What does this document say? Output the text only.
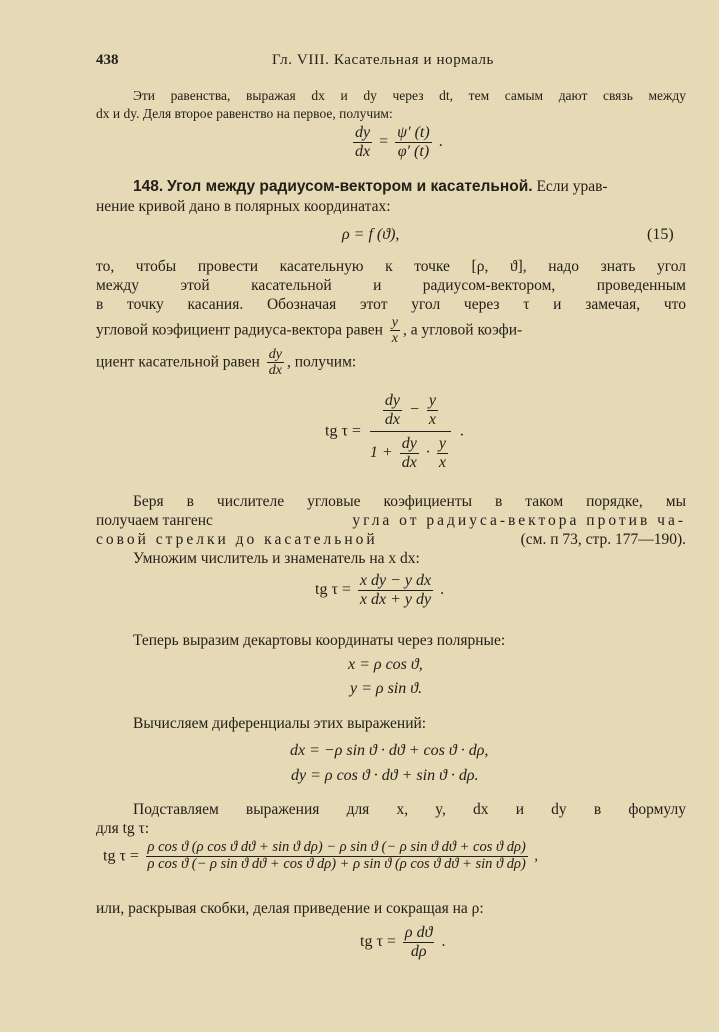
438	Гл. VIII. Касательная и нормаль
Эти равенства, выражая dx и dy через dt, тем самым дают связь между
dx и dy. Деля второе равенство на первое, получим:
$\frac{dy}{dx} = \frac{\psi' (t)}{\varphi' (t)}$ .
148. Угол между радиусом-вектором и касательной. Если урав-
нение кривой дано в полярных координатах:
ρ = f (ϑ),	(15)
то, чтобы провести касательную к точке [ρ, ϑ], надо знать угол
между этой касательной и радиусом-вектором, проведенным
в точку касания. Обозначая этот угол через τ и замечая, что
угловой коэфициент радиуса-вектора равен $\frac{y}{x}$ , а угловой коэфи-
циент касательной равен $\frac{dy}{dx}$ , получим:
tg $\tau = \frac{\frac{dy}{dx} - \frac{y}{x}}{1 + \frac{dy}{dx} \cdot \frac{y}{x}}$ .
Беря в числителе угловые коэфициенты в таком порядке, мы
получаем тангенс	угла от радиуса-вектора против ча-
совой стрелки до касательной	(см. п 73, стр. 177—190).
Умножим числитель и знаменатель на x dx:
tg $\tau = \frac{\text{x dy − y dx}}{\text{x dx + y dy}}$ .
Теперь выразим декартовы координаты через полярные:
x = ρ cos ϑ,
y = ρ sin ϑ.
Вычисляем диференциалы этих выражений:
dx = −ρ sin ϑ · dϑ + cos ϑ · dρ,
dy = ρ cos ϑ · dϑ + sin ϑ · dρ.
Подставляем выражения для x, y, dx и dy в формулу
для tg τ:
tg τ =
ρ cos ϑ (ρ cos ϑ dϑ + sin ϑ dρ) − ρ sin ϑ (− ρ sin ϑ dϑ + cos ϑ dρ)
ρ cos ϑ (− ρ sin ϑ dϑ + cos ϑ dρ) + ρ sin ϑ (ρ cos ϑ dϑ + sin ϑ dρ) ,
или, раскрывая скобки, делая приведение и сокращая на ρ:
tg $\tau = \frac{\text{ρ dϑ}}{d\rho}$ .
